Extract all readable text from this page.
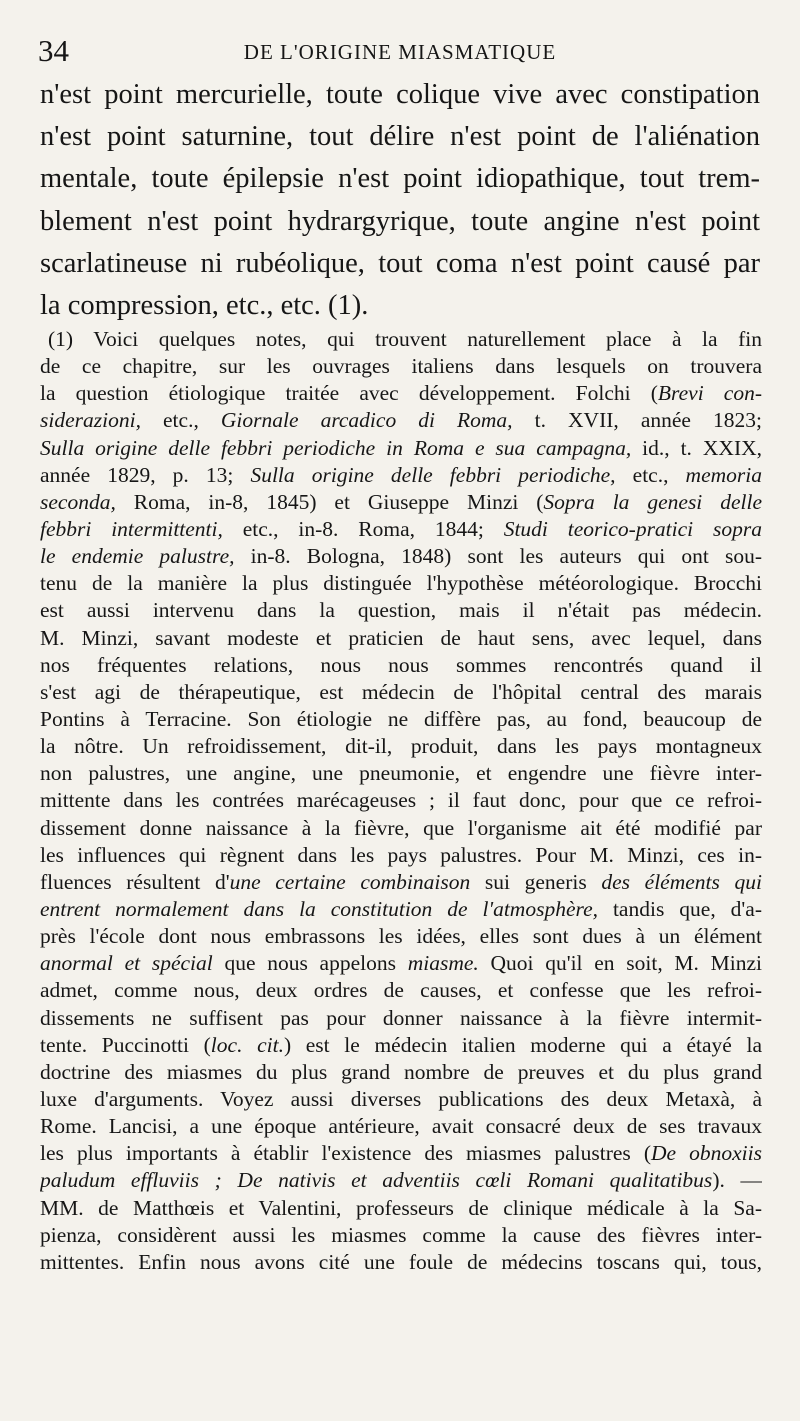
34	DE L'ORIGINE MIASMATIQUE
n'est point mercurielle, toute colique vive avec constipation
n'est point saturnine, tout délire n'est point de l'aliénation
mentale, toute épilepsie n'est point idiopathique, tout trem-
blement n'est point hydrargyrique, toute angine n'est point
scarlatineuse ni rubéolique, tout coma n'est point causé par
la compression, etc., etc. (1).
(1) Voici quelques notes, qui trouvent naturellement place à la fin
de ce chapitre, sur les ouvrages italiens dans lesquels on trouvera
la question étiologique traitée avec développement. Folchi (Brevi con-
siderazioni, etc., Giornale arcadico di Roma, t. XVII, année 1823;
Sulla origine delle febbri periodiche in Roma e sua campagna, id., t. XXIX,
année 1829, p. 13; Sulla origine delle febbri periodiche, etc., memoria
seconda, Roma, in-8, 1845) et Giuseppe Minzi (Sopra la genesi delle
febbri intermittenti, etc., in-8. Roma, 1844; Studi teorico-pratici sopra
le endemie palustre, in-8. Bologna, 1848) sont les auteurs qui ont sou-
tenu de la manière la plus distinguée l'hypothèse météorologique. Brocchi
est aussi intervenu dans la question, mais il n'était pas médecin.
M. Minzi, savant modeste et praticien de haut sens, avec lequel, dans
nos fréquentes relations, nous nous sommes rencontrés quand il
s'est agi de thérapeutique, est médecin de l'hôpital central des marais
Pontins à Terracine. Son étiologie ne diffère pas, au fond, beaucoup de
la nôtre. Un refroidissement, dit-il, produit, dans les pays montagneux
non palustres, une angine, une pneumonie, et engendre une fièvre inter-
mittente dans les contrées marécageuses ; il faut donc, pour que ce refroi-
dissement donne naissance à la fièvre, que l'organisme ait été modifié par
les influences qui règnent dans les pays palustres. Pour M. Minzi, ces in-
fluences résultent d'une certaine combinaison sui generis des éléments qui
entrent normalement dans la constitution de l'atmosphère, tandis que, d'a-
près l'école dont nous embrassons les idées, elles sont dues à un élément
anormal et spécial que nous appelons miasme. Quoi qu'il en soit, M. Minzi
admet, comme nous, deux ordres de causes, et confesse que les refroi-
dissements ne suffisent pas pour donner naissance à la fièvre intermit-
tente. Puccinotti (loc. cit.) est le médecin italien moderne qui a étayé la
doctrine des miasmes du plus grand nombre de preuves et du plus grand
luxe d'arguments. Voyez aussi diverses publications des deux Metaxà, à
Rome. Lancisi, a une époque antérieure, avait consacré deux de ses travaux
les plus importants à établir l'existence des miasmes palustres (De obnoxiis
paludum effluviis ; De nativis et adventiis cœli Romani qualitatibus). —
MM. de Matthœis et Valentini, professeurs de clinique médicale à la Sa-
pienza, considèrent aussi les miasmes comme la cause des fièvres inter-
mittentes. Enfin nous avons cité une foule de médecins toscans qui, tous,
